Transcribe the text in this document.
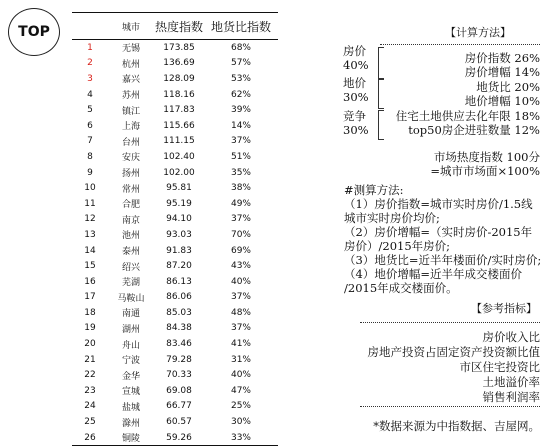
TOP
		城市	热度指数	地货比指数
1	无锡	173.85	68%
2	杭州	136.69	57%
3	嘉兴	128.09	53%
4	苏州	118.16	62%
5	镇江	117.83	39%
6	上海	115.66	14%
7	台州	111.15	37%
8	安庆	102.40	51%
9	扬州	102.00	35%
10	常州	95.81	38%
11	合肥	95.19	49%
12	南京	94.10	37%
13	池州	93.03	70%
14	泰州	91.83	69%
15	绍兴	87.20	43%
16	芜湖	86.13	40%
17	马鞍山	86.06	37%
18	南通	85.03	48%
19	湖州	84.38	37%
20	舟山	83.46	41%
21	宁波	79.28	31%
22	金华	70.33	40%
23	宣城	69.08	47%
24	盐城	66.77	25%
25	滁州	60.57	30%
26	铜陵	59.26	33%
【计算方法】
房价
40%	房价指数 26%
房价增幅 14%
地价
30%
地货比 20%
地价增幅 10%
竞争
30%
住宅土地供应去化年限 18%
top50房企进驻数量 12%
市场热度指数 100分
=城市市场面×100%
#测算方法:
（1）房价指数=城市实时房价/1.5线
城市实时房价均价;
（2）房价增幅=（实时房价-2015年
房价）/2015年房价;
（3）地货比=近半年楼面价/实时房价;
（4）地价增幅=近半年成交楼面价
/2015年成交楼面价。
【参考指标】
房价收入比
房地产投资占固定资产投资额比值
市区住宅投资比
土地溢价率
销售利润率
*数据来源为中指数据、吉屋网。
